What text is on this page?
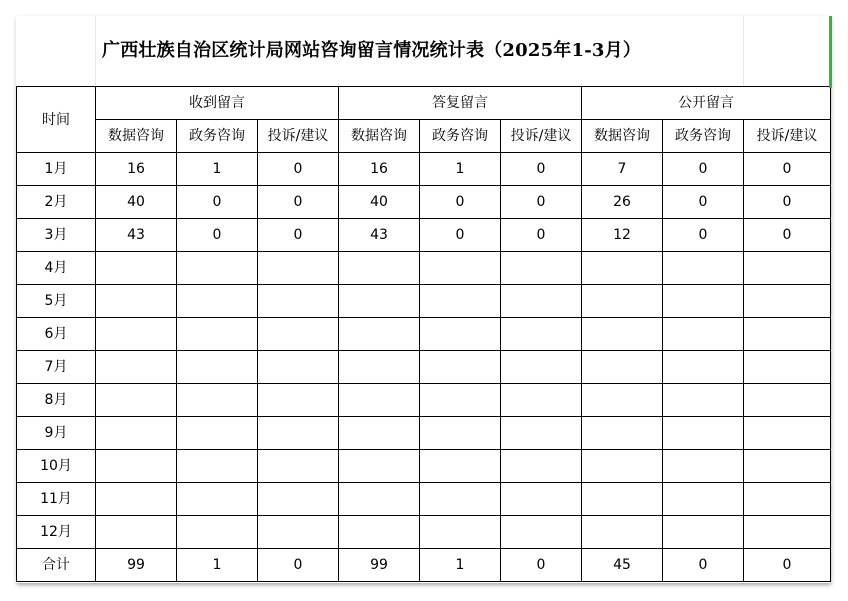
	广西壮族自治区统计局网站咨询留言情况统计表（2025年1-3月）								
时间	收到留言			答复留言			公开留言		
	数据咨询	政务咨询	投诉/建议	数据咨询	政务咨询	投诉/建议	数据咨询	政务咨询	投诉/建议
1月	16	1	0	16	1	0	7	0	0
2月	40	0	0	40	0	0	26	0	0
3月	43	0	0	43	0	0	12	0	0
4月									
5月									
6月									
7月									
8月									
9月									
10月									
11月									
12月									
合计	99	1	0	99	1	0	45	0	0
